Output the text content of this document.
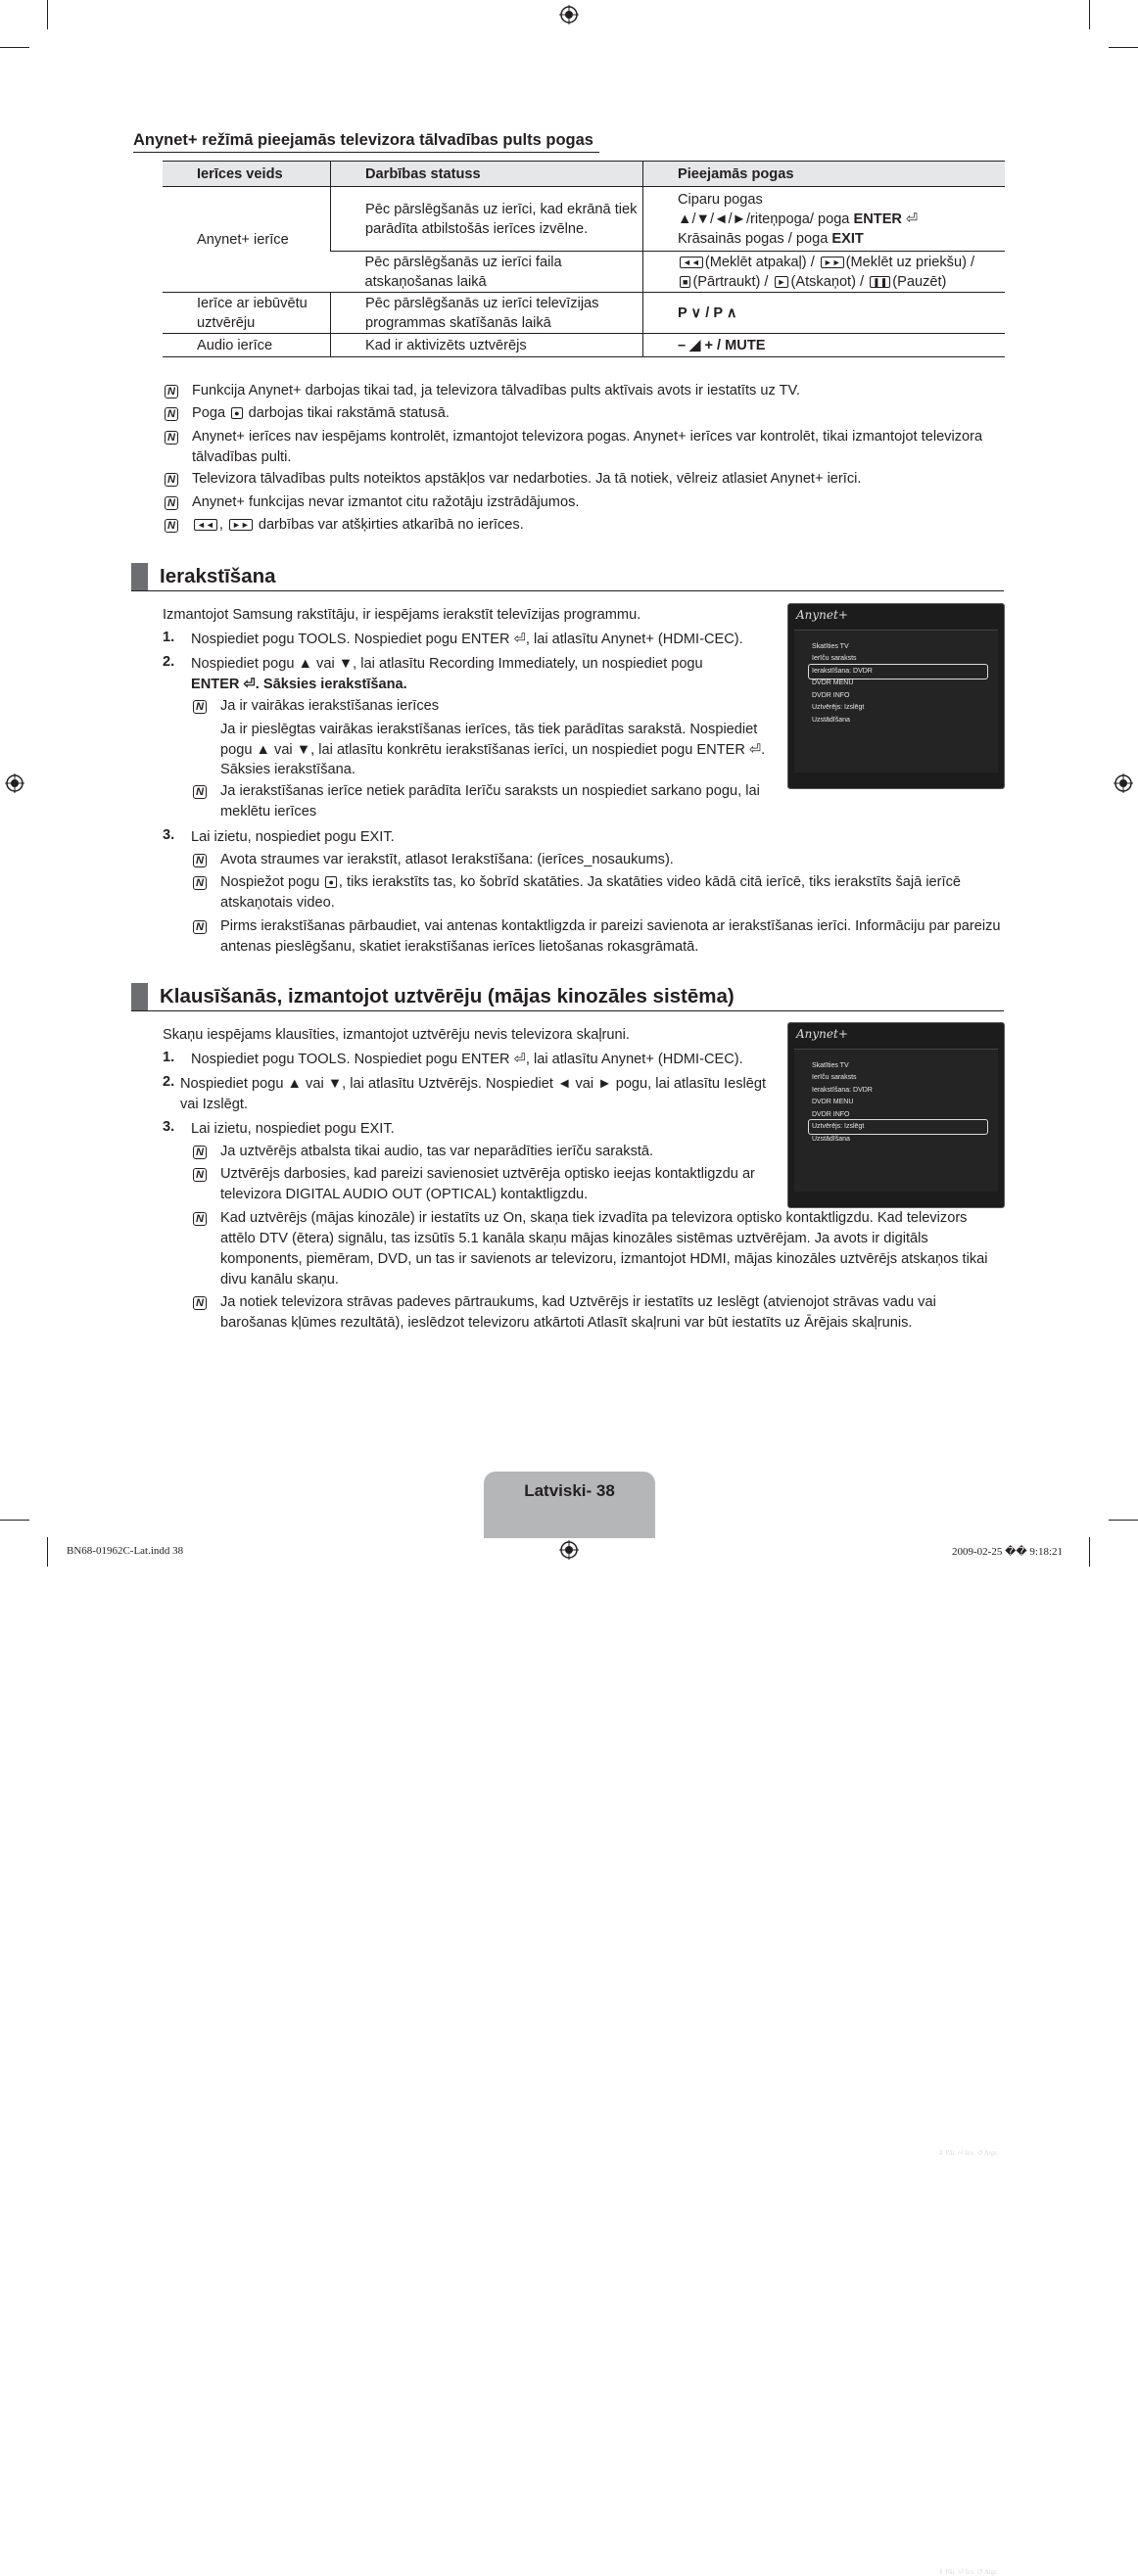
Anynet+ režīmā pieejamās televizora tālvadības pults pogas
Ierīces veids	Darbības statuss	Pieejamās pogas
Anynet+ ierīce	Pēc pārslēgšanās uz ierīci, kad ekrānā tiek parādīta atbilstošās ierīces izvēlne.	Ciparu pogas
▲/▼/◄/►/riteņpoga/ poga ENTER ⏎
Krāsainās pogas / poga EXIT

	Pēc pārslēgšanās uz ierīci faila atskaņošanas laikā	◄◄ (Meklēt atpakaļ) / ►► (Meklēt uz priekšu) /
■ (Pārtraukt) / ► (Atskaņot) / ❚❚ (Pauzēt)

Ierīce ar iebūvētu uztvērēju	Pēc pārslēgšanās uz ierīci televīzijas programmas skatīšanās laikā	P ∨ / P ∧
Audio ierīce	Kad ir aktivizēts uztvērējs	– ◢ + / MUTE
N Funkcija Anynet+ darbojas tikai tad, ja televizora tālvadības pults aktīvais avots ir iestatīts uz TV.
N Poga ● darbojas tikai rakstāmā statusā.
N Anynet+ ierīces nav iespējams kontrolēt, izmantojot televizora pogas. Anynet+ ierīces var kontrolēt, tikai izmantojot televizora tālvadības pulti.
N Televizora tālvadības pults noteiktos apstākļos var nedarboties. Ja tā notiek, vēlreiz atlasiet Anynet+ ierīci.
N Anynet+ funkcijas nevar izmantot citu ražotāju izstrādājumos.
N	◄◄ , ►► darbības var atšķirties atkarībā no ierīces.
Ierakstīšana
Izmantojot Samsung rakstītāju, ir iespējams ierakstīt televīzijas programmu.
1. Nospiediet pogu TOOLS. Nospiediet pogu ENTER ⏎, lai atlasītu Anynet+ (HDMI-CEC).
2. Nospiediet pogu ▲ vai ▼, lai atlasītu Recording Immediately, un nospiediet pogu
ENTER ⏎. Sāksies ierakstīšana.
N Ja ir vairākas ierakstīšanas ierīces
Ja ir pieslēgtas vairākas ierakstīšanas ierīces, tās tiek parādītas sarakstā. Nospiediet pogu ▲ vai ▼, lai atlasītu konkrētu ierakstīšanas ierīci, un nospiediet pogu ENTER ⏎. Sāksies ierakstīšana.
N Ja ierakstīšanas ierīce netiek parādīta Ierīču saraksts un nospiediet sarkano pogu, lai meklētu ierīces
3. Lai izietu, nospiediet pogu EXIT.
N Avota straumes var ierakstīt, atlasot Ierakstīšana: (ierīces_nosaukums).
N Nospiežot pogu ● , tiks ierakstīts tas, ko šobrīd skatāties. Ja skatāties video kādā citā ierīcē, tiks ierakstīts šajā ierīcē atskaņotais video.
N Pirms ierakstīšanas pārbaudiet, vai antenas kontaktligzda ir pareizi savienota ar ierakstīšanas ierīci. Informāciju par pareizu antenas pieslēgšanu, skatiet ierakstīšanas ierīces lietošanas rokasgrāmatā.
Anynet+
Skatīties TV
Ierīču saraksts
Ierakstīšana: DVDR
DVDR MENU
DVDR INFO
Uztvērējs: Izslēgt
Uzstādīšana
⇕ Pār. ⏎ Iev. ↺ Atgr.
Klausīšanās, izmantojot uztvērēju (mājas kinozāles sistēma)
Skaņu iespējams klausīties, izmantojot uztvērēju nevis televizora skaļruni.
1. Nospiediet pogu TOOLS. Nospiediet pogu ENTER ⏎, lai atlasītu Anynet+ (HDMI-CEC).
2. Nospiediet pogu ▲ vai ▼, lai atlasītu Uztvērējs. Nospiediet ◄ vai ► pogu, lai atlasītu Ieslēgt vai Izslēgt.
3. Lai izietu, nospiediet pogu EXIT.
N Ja uztvērējs atbalsta tikai audio, tas var neparādīties ierīču sarakstā.
N Uztvērējs darbosies, kad pareizi savienosiet uztvērēja optisko ieejas kontaktligzdu ar televizora DIGITAL AUDIO OUT (OPTICAL) kontaktligzdu.
N Kad uztvērējs (mājas kinozāle) ir iestatīts uz On, skaņa tiek izvadīta pa televizora optisko kontaktligzdu. Kad televizors attēlo DTV (ētera) signālu, tas izsūtīs 5.1 kanāla skaņu mājas kinozāles sistēmas uztvērējam. Ja avots ir digitāls komponents, piemēram, DVD, un tas ir savienots ar televizoru, izmantojot HDMI, mājas kinozāles uztvērējs atskaņos tikai divu kanālu skaņu.
N Ja notiek televizora strāvas padeves pārtraukums, kad Uztvērējs ir iestatīts uz Ieslēgt (atvienojot strāvas vadu vai barošanas kļūmes rezultātā), ieslēdzot televizoru atkārtoti Atlasīt skaļruni var būt iestatīts uz Ārējais skaļrunis.
Anynet+
Skatīties TV
Ierīču saraksts
Ierakstīšana: DVDR
DVDR MENU
DVDR INFO
Uztvērējs: Izslēgt
Uzstādīšana
⇕ Pār. ⏎ Iev. ↺ Atgr.
Latviski- 38
BN68-01962C-Lat.indd 38	2009-02-25 �� 9:18:21
